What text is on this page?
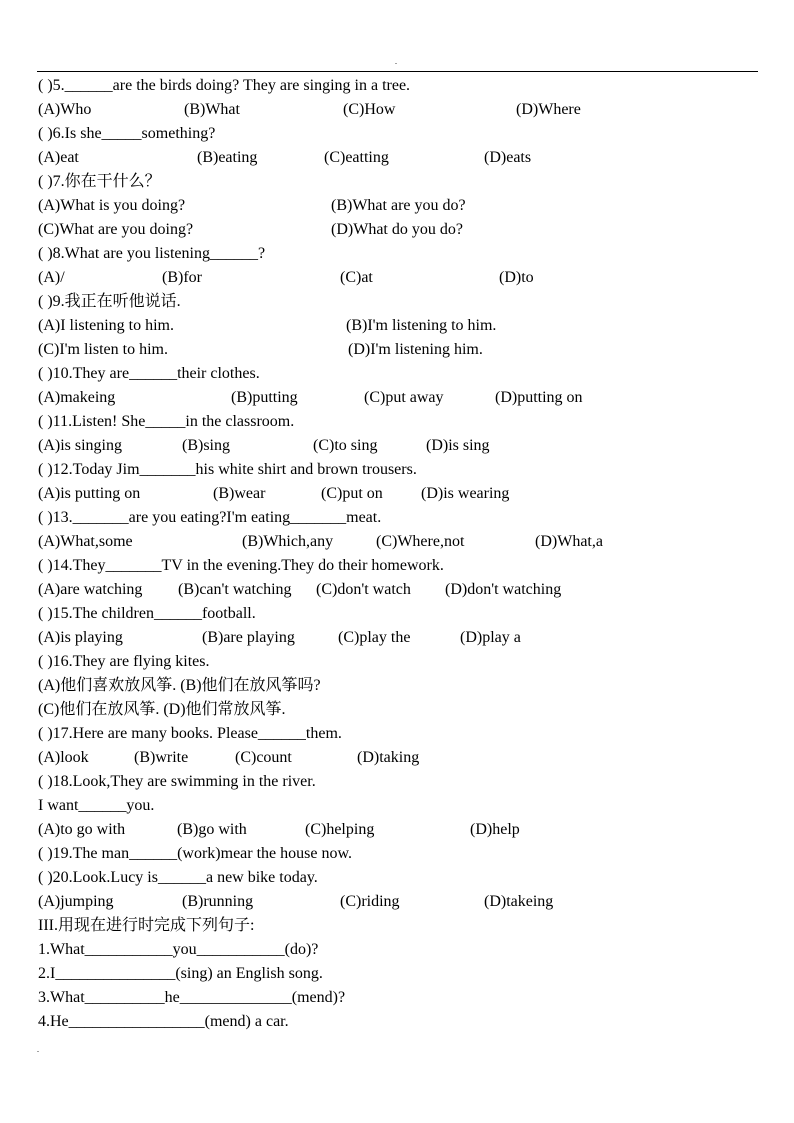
.
( )5.______are the birds doing? They are singing in a tree.
(A)Who	(B)What	(C)How	(D)Where
( )6.Is she_____something?
(A)eat	(B)eating	(C)eatting	(D)eats
( )7.你在干什么？
(A)What is you doing?	(B)What are you do?
(C)What are you doing?	(D)What do you do?
( )8.What are you listening______?
(A)/	(B)for	(C)at	(D)to
( )9.我正在听他说话.
(A)I listening to him.	(B)I'm listening to him.
(C)I'm listen to him.	(D)I'm listening him.
( )10.They are______their clothes.
(A)makeing	(B)putting	(C)put away	(D)putting on
( )11.Listen! She_____in the classroom.
(A)is singing	(B)sing	(C)to sing	(D)is sing
( )12.Today Jim_______his white shirt and brown trousers.
(A)is putting on	(B)wear	(C)put on (D)is wearing
( )13._______are you eating?I'm eating_______meat.
(A)What,some	(B)Which,any	(C)Where,not	(D)What,a
( )14.They_______TV in the evening.They do their homework.
(A)are watching (B)can't watching (C)don't watch (D)don't watching
( )15.The children______football.
(A)is playing	(B)are playing	(C)play the	(D)play a
( )16.They are flying kites.
(A)他们喜欢放风筝. (B)他们在放风筝吗?
(C)他们在放风筝. (D)他们常放风筝.
( )17.Here are many books. Please______them.
(A)look	(B)write	(C)count	(D)taking
( )18.Look,They are swimming in the river.
I want______you.
(A)to go with	(B)go with	(C)helping	(D)help
( )19.The man______(work)mear the house now.
( )20.Look.Lucy is______a new bike today.
(A)jumping	(B)running	(C)riding	(D)takeing
III.用现在进行时完成下列句子:
1.What___________you___________(do)?
2.I_______________(sing) an English song.
3.What__________he______________(mend)?
4.He_________________(mend) a car.
.
